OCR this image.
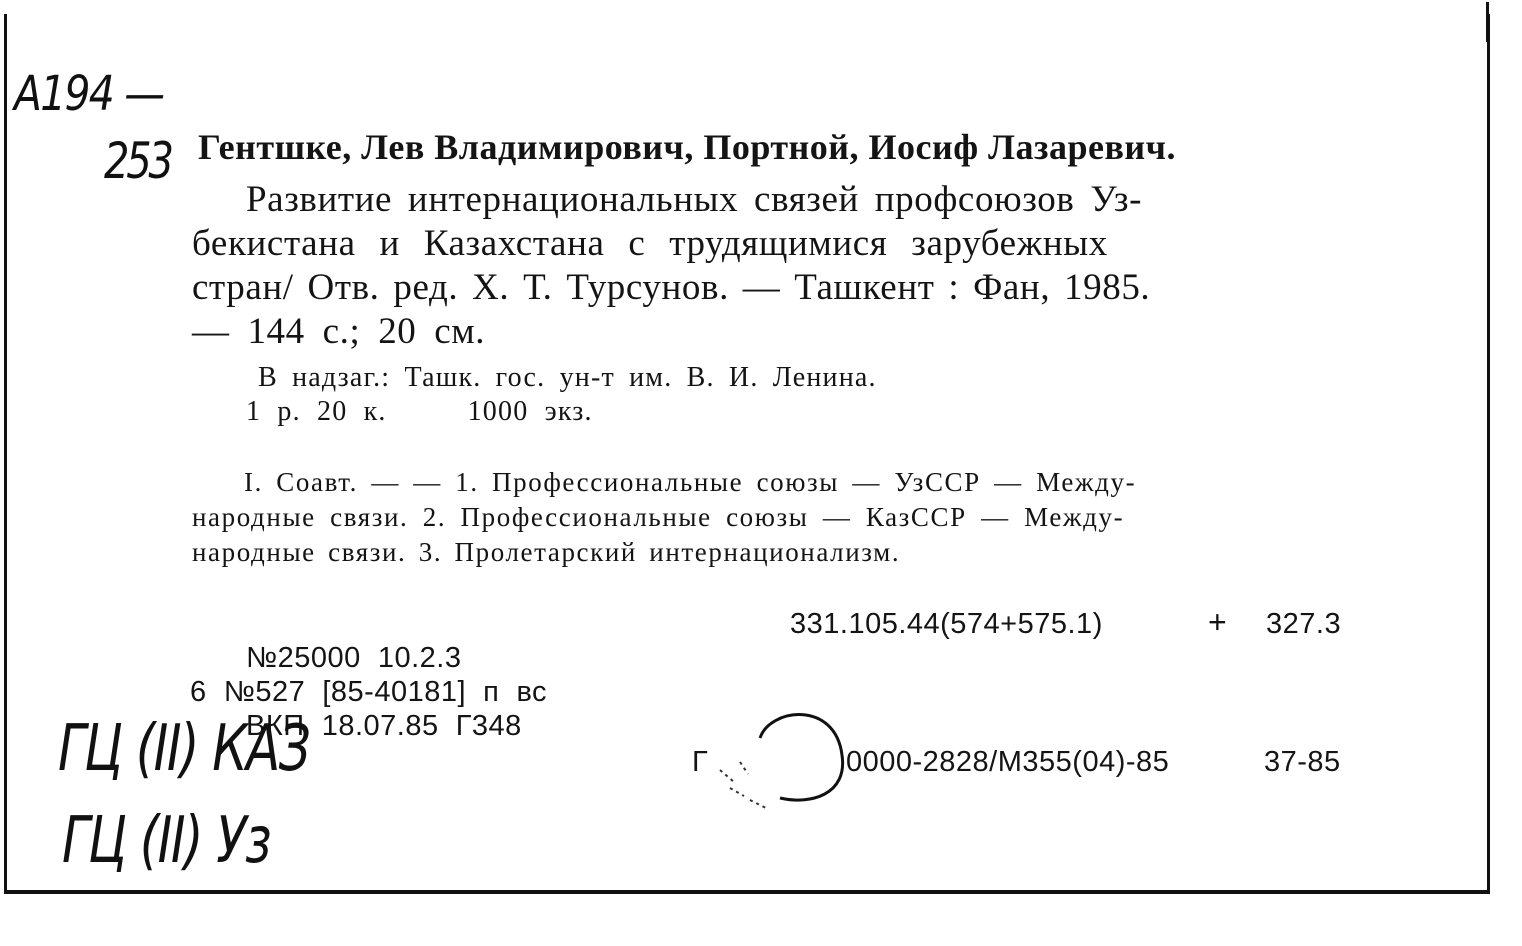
А194 —
253 Гентшке, Лев Владимирович, Портной, Иосиф Лазаревич.
Развитие интернациональных связей профсоюзов Уз-
бекистана и Казахстана с трудящимися зарубежных
стран/ Отв. ред. Х. Т. Турсунов. — Ташкент : Фан, 1985.
— 144 с.; 20 см.
В надзаг.: Ташк. гос. ун-т им. В. И. Ленина.
1 р. 20 к.     1000 экз.
I. Соавт. — — 1. Профессиональные союзы — УзССР — Между-
народные связи. 2. Профессиональные союзы — КазССР — Между-
народные связи. 3. Пролетарский интернационализм.
331.105.44(574+575.1)	+ 327.3
№25000  10.2.3
6  №527  [85-40181]  п  вс
ВКП  18.07.85  Г348
Г	0000-2828/М355(04)-85	37-85
ГЦ (II) КАЗ
ГЦ (II) Уз
